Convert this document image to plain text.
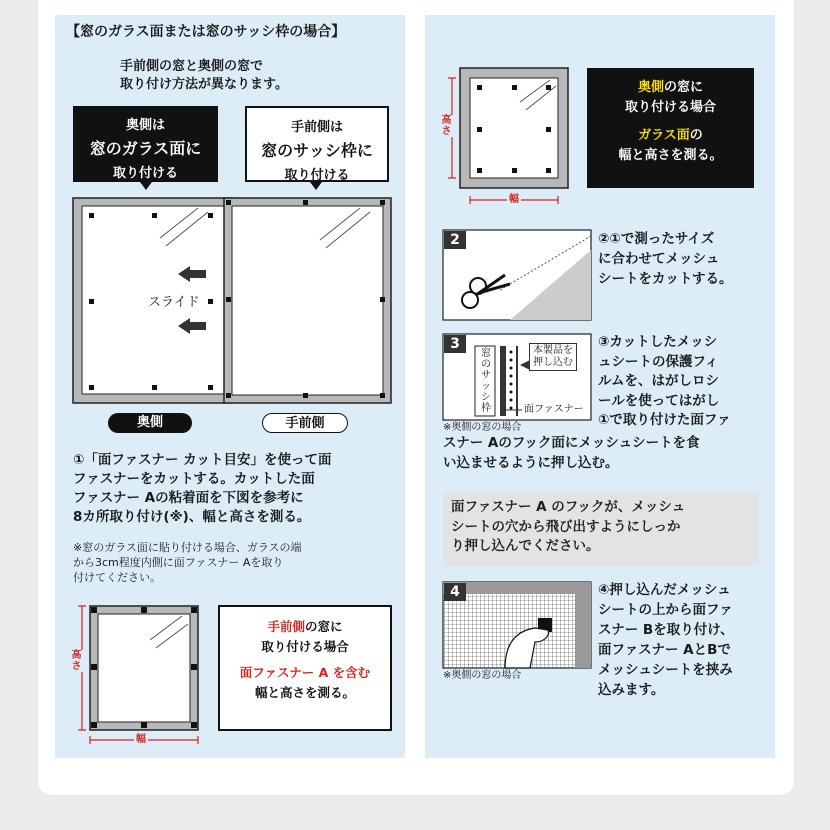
【窓のガラス面または窓のサッシ枠の場合】
手前側の窓と奥側の窓で
取り付け方法が異なります。
奥側は
窓のガラス面に
取り付ける
手前側は
窓のサッシ枠に
取り付ける
スライド
奥側	手前側
①「面ファスナー カット目安」を使って面
ファスナーをカットする。カットした面
ファスナー Aの粘着面を下図を参考に
8カ所取り付け(※)、幅と高さを測る。
※窓のガラス面に貼り付ける場合、ガラスの端
から3cm程度内側に面ファスナー Aを取り
付けてください。
高さ
幅
手前側の窓に
取り付ける場合
面ファスナー A を含む
幅と高さを測る。
高さ
幅
奥側の窓に
取り付ける場合
ガラス面の
幅と高さを測る。
2	②①で測ったサイズ
に合わせてメッシュ
シートをカットする。
3
窓のサッシ枠
本製品を
押し込む
面ファスナー
※奥側の窓の場合
③カットしたメッシ
ュシートの保護フィ
ルムを、はがしロシ
ールを使ってはがし
①で取り付けた面ファ
スナー Aのフック面にメッシュシートを食
い込ませるように押し込む。
面ファスナー A のフックが、メッシュ
シートの穴から飛び出すようにしっか
り押し込んでください。
4
※奥側の窓の場合
④押し込んだメッシュ
シートの上から面ファ
スナー Bを取り付け、
面ファスナー AとBで
メッシュシートを挟み
込みます。
